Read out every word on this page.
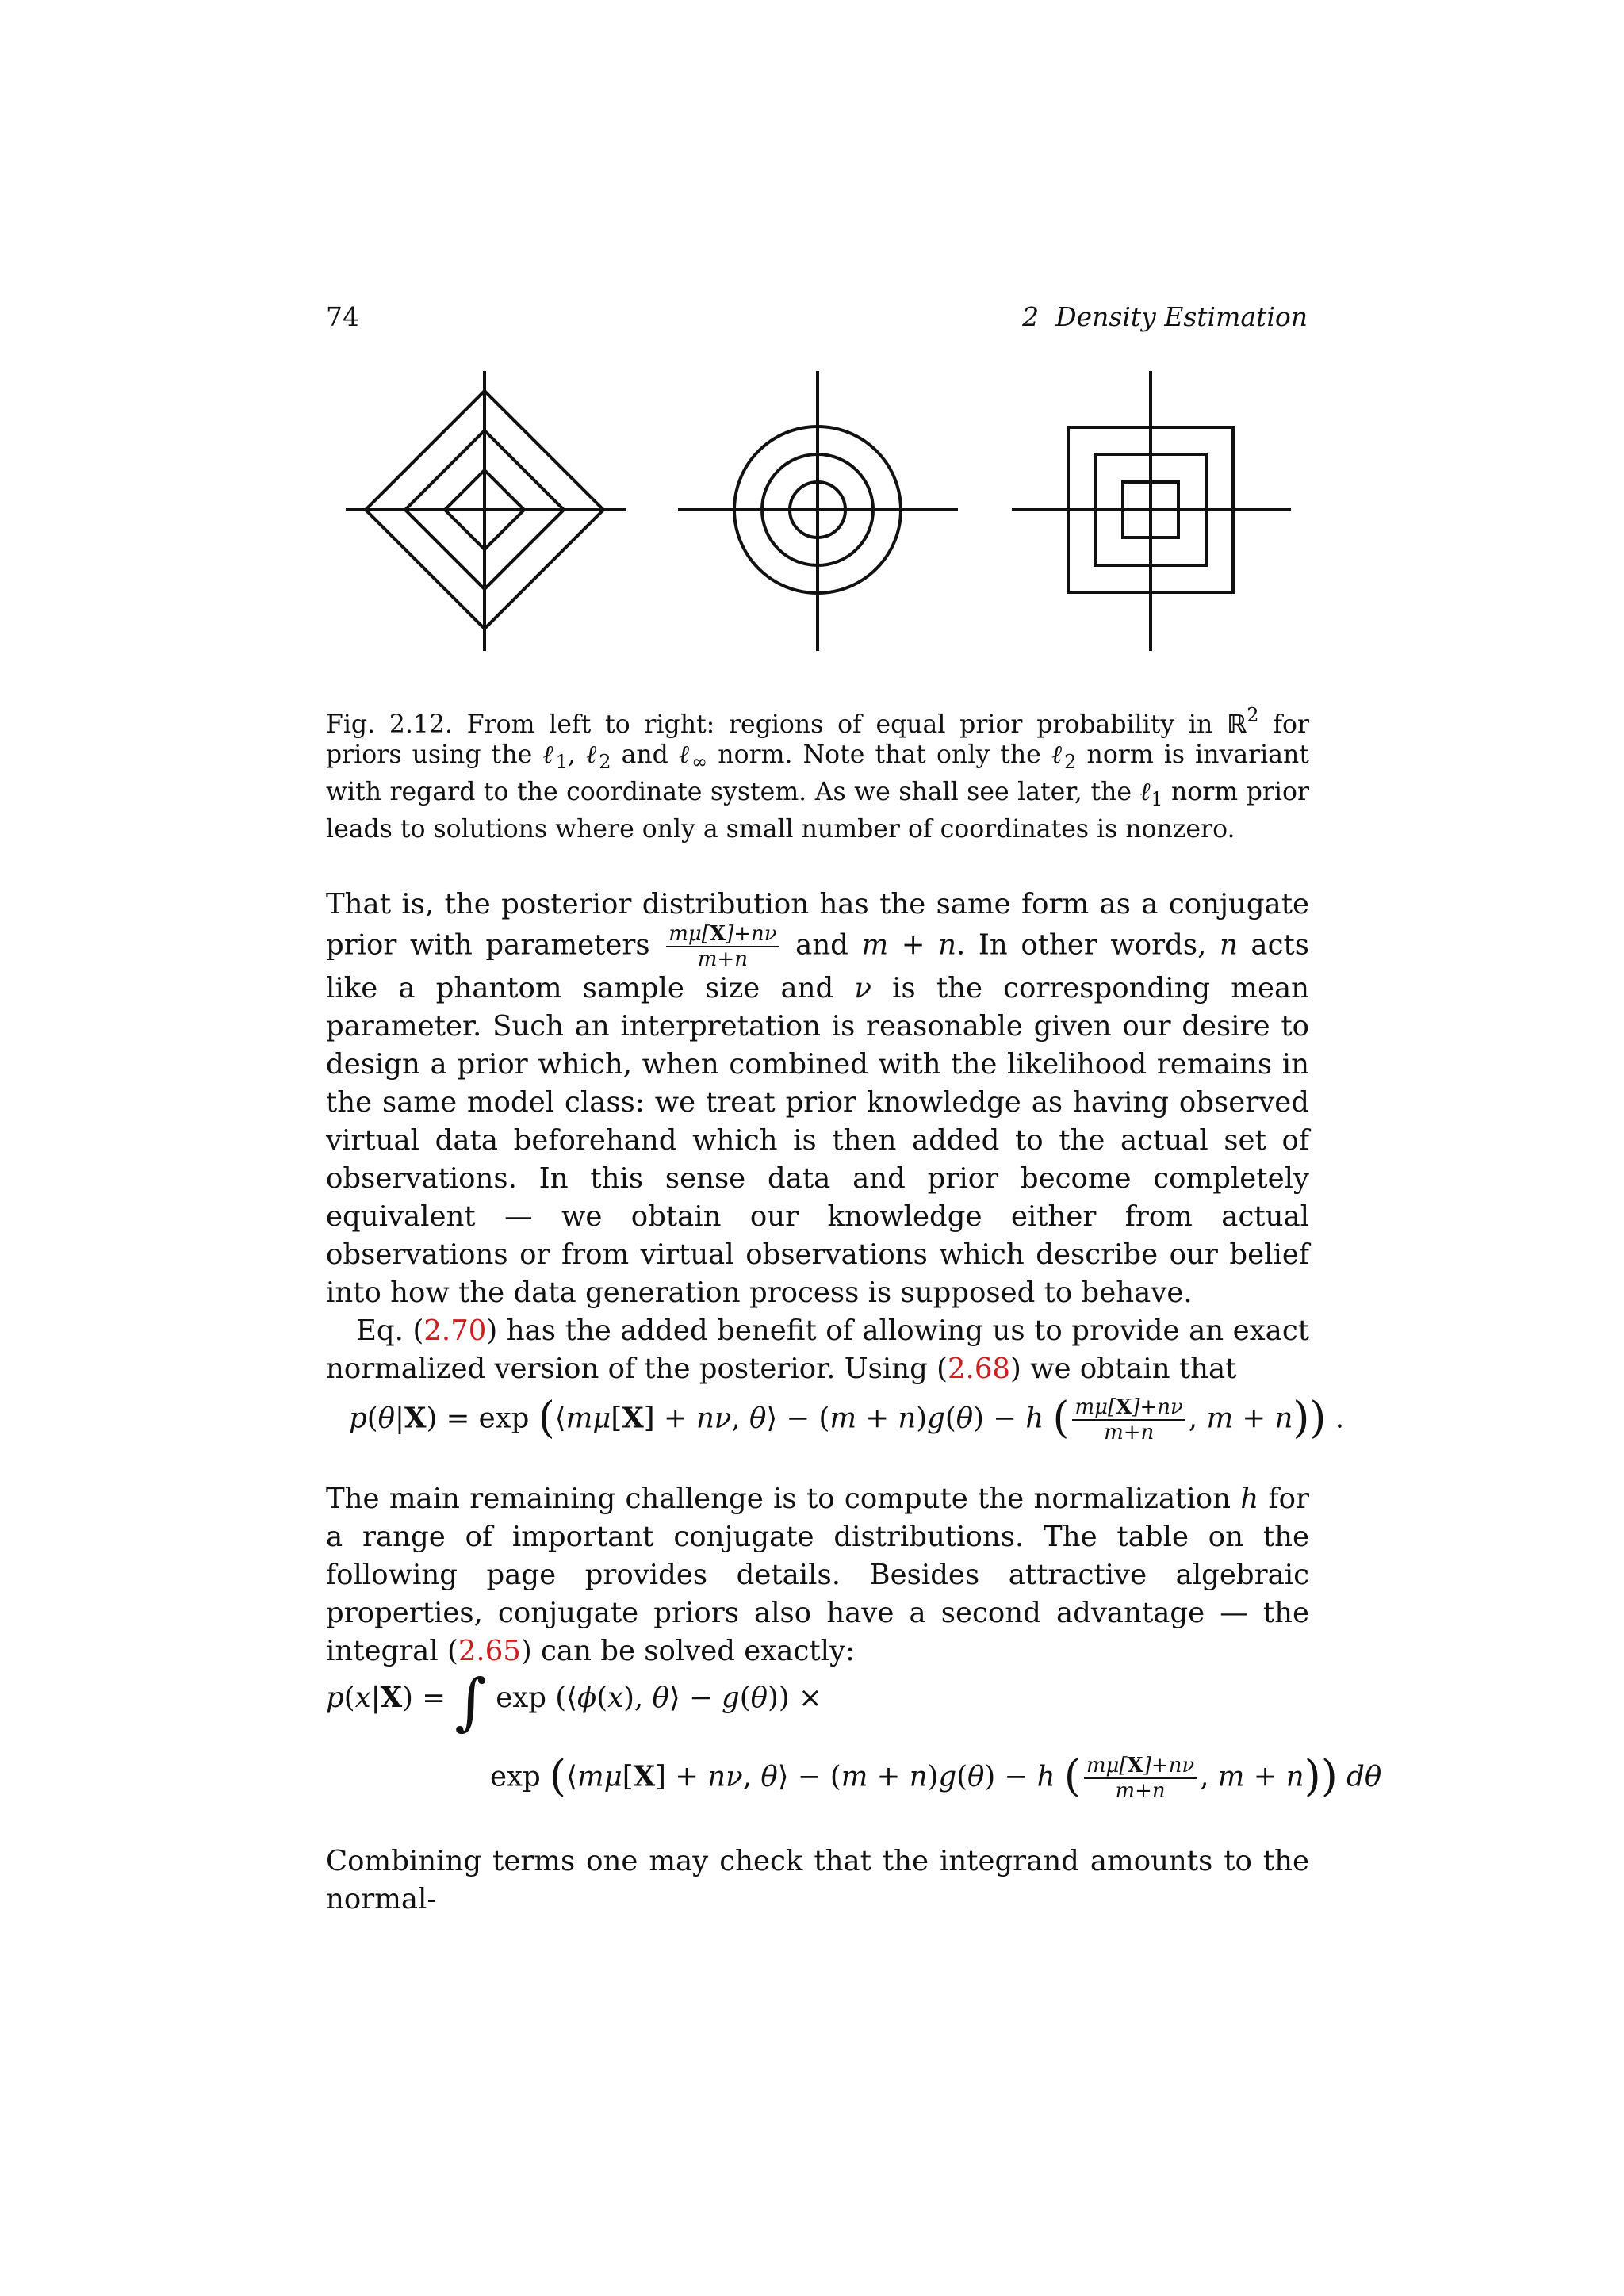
74	2 Density Estimation
Fig. 2.12. From left to right: regions of equal prior probability in ℝ$^2$ for priors using the ℓ$_1$, ℓ$_2$ and ℓ$_\infty$ norm. Note that only the ℓ$_2$ norm is invariant with regard to the coordinate system. As we shall see later, the ℓ$_1$ norm prior leads to solutions where only a small number of coordinates is nonzero.

That is, the posterior distribution has the same form as a conjugate prior with parameters $\frac{m\mu[X]+n\nu}{m+n}$ and m + n. In other words, n acts like a phantom sample size and ν is the corresponding mean parameter. Such an interpretation is reasonable given our desire to design a prior which, when combined with the likelihood remains in the same model class: we treat prior knowledge as having observed virtual data beforehand which is then added to the actual set of observations. In this sense data and prior become completely equivalent — we obtain our knowledge either from actual observations or from virtual observations which describe our belief into how the data generation process is supposed to behave.

Eq. (2.70) has the added benefit of allowing us to provide an exact normalized version of the posterior. Using (2.68) we obtain that

p(θ|X) = exp (⟨mμ[X] + nν, θ⟩ − (m + n)g(θ) − h ( $\frac{m\mu[X]+n\nu}{m+n}$ , m + n)) .

The main remaining challenge is to compute the normalization h for a range of important conjugate distributions. The table on the following page provides details. Besides attractive algebraic properties, conjugate priors also have a second advantage — the integral (2.65) can be solved exactly:

p(x|X) = ∫ exp (⟨ϕ(x), θ⟩ − g(θ)) ×
exp (⟨mμ[X] + nν, θ⟩ − (m + n)g(θ) − h ( $\frac{m\mu[X]+n\nu}{m+n}$ , m + n)) dθ

Combining terms one may check that the integrand amounts to the normal-
